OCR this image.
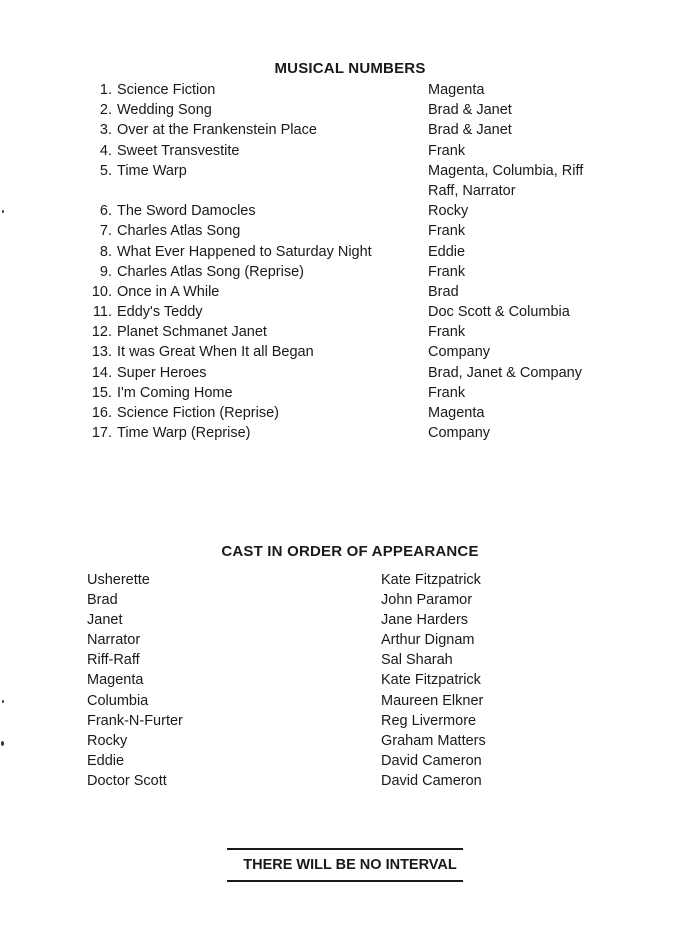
MUSICAL NUMBERS
1. Science Fiction	Magenta
2. Wedding Song	Brad & Janet
3. Over at the Frankenstein Place	Brad & Janet
4. Sweet Transvestite	Frank
5. Time Warp	Magenta, Columbia, Riff
Raff, Narrator
6. The Sword Damocles	Rocky
7. Charles Atlas Song	Frank
8. What Ever Happened to Saturday Night	Eddie
9. Charles Atlas Song (Reprise)	Frank
10. Once in A While	Brad
11. Eddy's Teddy	Doc Scott & Columbia
12. Planet Schmanet Janet	Frank
13. It was Great When It all Began	Company
14. Super Heroes	Brad, Janet & Company
15. I'm Coming Home	Frank
16. Science Fiction (Reprise)	Magenta
17. Time Warp (Reprise)	Company
CAST IN ORDER OF APPEARANCE
Usherette	Kate Fitzpatrick
Brad	John Paramor
Janet	Jane Harders
Narrator	Arthur Dignam
Riff-Raff	Sal Sharah
Magenta	Kate Fitzpatrick
Columbia	Maureen Elkner
Frank-N-Furter	Reg Livermore
Rocky	Graham Matters
Eddie	David Cameron
Doctor Scott	David Cameron
THERE WILL BE NO INTERVAL
